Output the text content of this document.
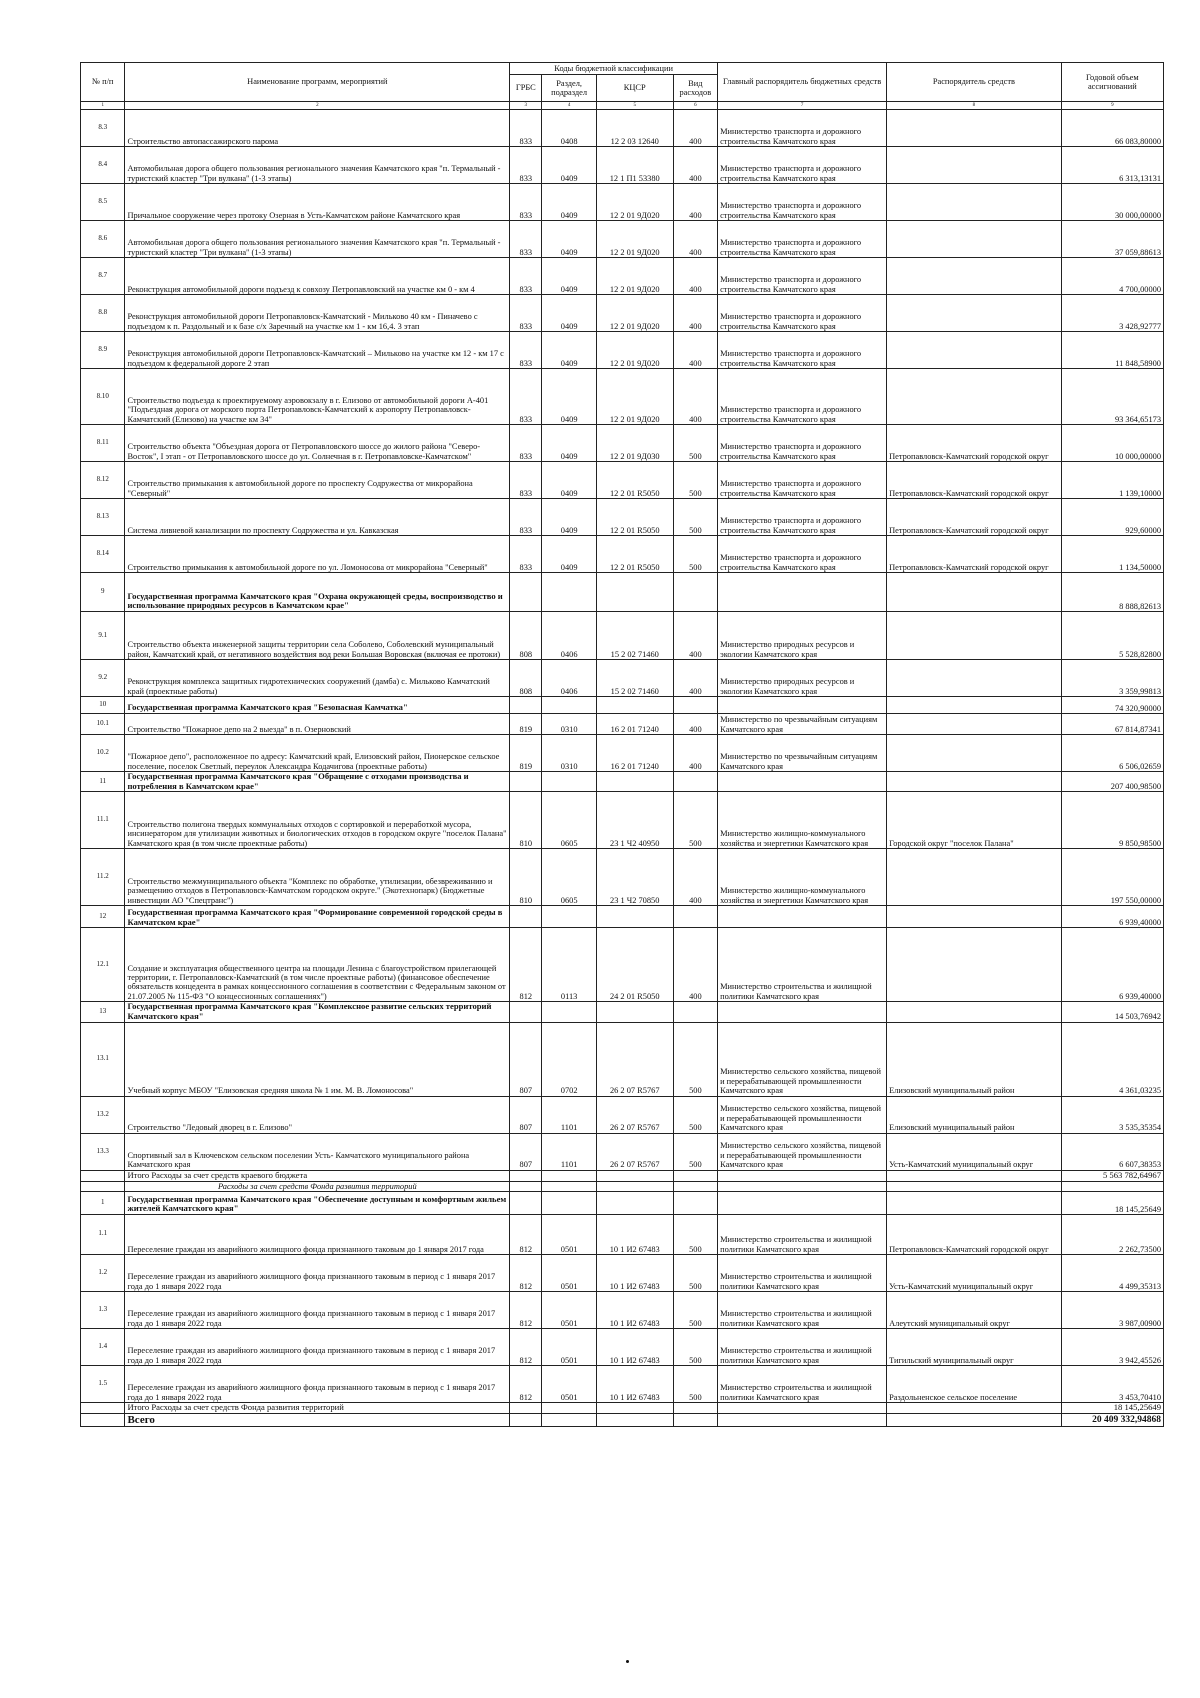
№ п/п	Наименование программ, мероприятий	Коды бюджетной классификации				Главный распорядитель бюджетных средств	Распорядитель средств	Годовой объем ассигнований
		ГРБС	Раздел, подраздел	КЦСР	Вид расходов			
1	2	3	4	5	6	7	8	9
8.3	Строительство автопассажирского парома	833	0408	12 2 03 12640	400	Министерство транспорта и дорожного строительства Камчатского края		66 083,80000
8.4	Автомобильная дорога общего пользования регионального значения Камчатского края "п. Термальный - туристский кластер "Три вулкана" (1-3 этапы)	833	0409	12 1 П1 53380	400	Министерство транспорта и дорожного строительства Камчатского края		6 313,13131
8.5	Причальное сооружение через протоку Озерная в Усть-Камчатском районе Камчатского края	833	0409	12 2 01 9Д020	400	Министерство транспорта и дорожного строительства Камчатского края		30 000,00000
8.6	Автомобильная дорога общего пользования регионального значения Камчатского края "п. Термальный - туристский кластер "Три вулкана" (1-3 этапы)	833	0409	12 2 01 9Д020	400	Министерство транспорта и дорожного строительства Камчатского края		37 059,88613
8.7	Реконструкция автомобильной дороги подъезд к совхозу Петропавловский на участке км 0 - км 4	833	0409	12 2 01 9Д020	400	Министерство транспорта и дорожного строительства Камчатского края		4 700,00000
8.8	Реконструкция автомобильной дороги Петропавловск-Камчатский - Мильково 40 км - Пиначево с подъездом к п. Раздольный и к базе с/х Заречный на участке км 1 - км 16,4. 3 этап	833	0409	12 2 01 9Д020	400	Министерство транспорта и дорожного строительства Камчатского края		3 428,92777
8.9	Реконструкция автомобильной дороги Петропавловск-Камчатский – Мильково на участке км 12 - км 17 с подъездом к федеральной дороге 2 этап	833	0409	12 2 01 9Д020	400	Министерство транспорта и дорожного строительства Камчатского края		11 848,58900
8.10	Строительство подъезда к проектируемому аэровокзалу в г. Елизово от автомобильной дороги А-401 "Подъездная дорога от морского порта Петропавловск-Камчатский к аэропорту Петропавловск-Камчатский (Елизово) на участке км 34"	833	0409	12 2 01 9Д020	400	Министерство транспорта и дорожного строительства Камчатского края		93 364,65173
8.11	Строительство объекта "Объездная дорога от Петропавловского шоссе до жилого района "Северо-Восток", I этап - от Петропавловского шоссе до ул. Солнечная в г. Петропавловске-Камчатском"	833	0409	12 2 01 9Д030	500	Министерство транспорта и дорожного строительства Камчатского края	Петропавловск-Камчатский городской округ	10 000,00000
8.12	Строительство примыкания к автомобильной дороге по проспекту Содружества от микрорайона "Северный"	833	0409	12 2 01 R5050	500	Министерство транспорта и дорожного строительства Камчатского края	Петропавловск-Камчатский городской округ	1 139,10000
8.13	Система ливневой канализации по проспекту Содружества и ул. Кавказская	833	0409	12 2 01 R5050	500	Министерство транспорта и дорожного строительства Камчатского края	Петропавловск-Камчатский городской округ	929,60000
8.14	Строительство примыкания к автомобильной дороге по ул. Ломоносова от микрорайона "Северный"	833	0409	12 2 01 R5050	500	Министерство транспорта и дорожного строительства Камчатского края	Петропавловск-Камчатский городской округ	1 134,50000
9	Государственная программа Камчатского края "Охрана окружающей среды, воспроизводство и использование природных ресурсов в Камчатском крае"							8 888,82613
9.1	Строительство объекта инженерной защиты территории села Соболево, Соболевский муниципальный район, Камчатский край, от негативного воздействия вод реки Большая Воровская (включая ее протоки)	808	0406	15 2 02 71460	400	Министерство природных ресурсов и экологии Камчатского края		5 528,82800
9.2	Реконструкция комплекса защитных гидротехнических сооружений (дамба) с. Мильково Камчатский край (проектные работы)	808	0406	15 2 02 71460	400	Министерство природных ресурсов и экологии Камчатского края		3 359,99813
10	Государственная программа Камчатского края "Безопасная Камчатка"							74 320,90000
10.1	Строительство "Пожарное депо на 2 выезда" в п. Озерновский	819	0310	16 2 01 71240	400	Министерство по чрезвычайным ситуациям Камчатского края		67 814,87341
10.2	"Пожарное депо", расположенное по адресу: Камчатский край, Елизовский район, Пионерское сельское поселение, поселок Светлый, переулок Александра Кодачигова (проектные работы)	819	0310	16 2 01 71240	400	Министерство по чрезвычайным ситуациям Камчатского края		6 506,02659
11	Государственная программа Камчатского края "Обращение с отходами производства и потребления в Камчатском крае"							207 400,98500
11.1	Строительство полигона твердых коммунальных отходов с сортировкой и переработкой мусора, инсинератором для утилизации животных и биологических отходов в городском округе "поселок Палана" Камчатского края (в том числе проектные работы)	810	0605	23 1 Ч2 40950	500	Министерство жилищно-коммунального хозяйства и энергетики Камчатского края	Городской округ "поселок Палана"	9 850,98500
11.2	Строительство межмуниципального объекта "Комплекс по обработке, утилизации, обезвреживанию и размещению отходов в Петропавловск-Камчатском городском округе." (Экотехнопарк) (Бюджетные инвестиции АО "Спецтранс")	810	0605	23 1 Ч2 70850	400	Министерство жилищно-коммунального хозяйства и энергетики Камчатского края		197 550,00000
12	Государственная программа Камчатского края "Формирование современной городской среды в Камчатском крае"							6 939,40000
12.1	Создание и эксплуатация общественного центра на площади Ленина с благоустройством прилегающей территории, г. Петропавловск-Камчатский (в том числе проектные работы) (финансовое обеспечение обязательств концедента в рамках концессионного соглашения в соответствии с Федеральным законом от 21.07.2005 № 115-ФЗ "О концессионных соглашениях")	812	0113	24 2 01 R5050	400	Министерство строительства и жилищной политики Камчатского края		6 939,40000
13	Государственная программа Камчатского края "Комплексное развитие сельских территорий Камчатского края"							14 503,76942
13.1	Учебный корпус МБОУ "Елизовская средняя школа № 1 им. М. В. Ломоносова"	807	0702	26 2 07 R5767	500	Министерство сельского хозяйства, пищевой и перерабатывающей промышленности Камчатского края	Елизовский муниципальный район	4 361,03235
13.2	Строительство "Ледовый дворец в г. Елизово"	807	1101	26 2 07 R5767	500	Министерство сельского хозяйства, пищевой и перерабатывающей промышленности Камчатского края	Елизовский муниципальный район	3 535,35354
13.3	Спортивный зал в Ключевском сельском поселении Усть- Камчатского муниципального района Камчатского края	807	1101	26 2 07 R5767	500	Министерство сельского хозяйства, пищевой и перерабатывающей промышленности Камчатского края	Усть-Камчатский муниципальный округ	6 607,38353
	Итого Расходы за счет средств краевого бюджета							5 563 782,64967
	Расходы за счет средств Фонда развития территорий							
1	Государственная программа Камчатского края "Обеспечение доступным и комфортным жильем жителей Камчатского края"							18 145,25649
1.1	Переселение граждан из аварийного жилищного фонда признанного таковым до 1 января 2017 года	812	0501	10 1 И2 67483	500	Министерство строительства и жилищной политики Камчатского края	Петропавловск-Камчатский городской округ	2 262,73500
1.2	Переселение граждан из аварийного жилищного фонда признанного таковым в период с 1 января 2017 года до 1 января 2022 года	812	0501	10 1 И2 67483	500	Министерство строительства и жилищной политики Камчатского края	Усть-Камчатский муниципальный округ	4 499,35313
1.3	Переселение граждан из аварийного жилищного фонда признанного таковым в период с 1 января 2017 года до 1 января 2022 года	812	0501	10 1 И2 67483	500	Министерство строительства и жилищной политики Камчатского края	Алеутский муниципальный округ	3 987,00900
1.4	Переселение граждан из аварийного жилищного фонда признанного таковым в период с 1 января 2017 года до 1 января 2022 года	812	0501	10 1 И2 67483	500	Министерство строительства и жилищной политики Камчатского края	Тигильский муниципальный округ	3 942,45526
1.5	Переселение граждан из аварийного жилищного фонда признанного таковым в период с 1 января 2017 года до 1 января 2022 года	812	0501	10 1 И2 67483	500	Министерство строительства и жилищной политики Камчатского края	Раздольненское сельское поселение	3 453,70410
	Итого Расходы за счет средств Фонда развития территорий							18 145,25649
	Всего							20 409 332,94868
